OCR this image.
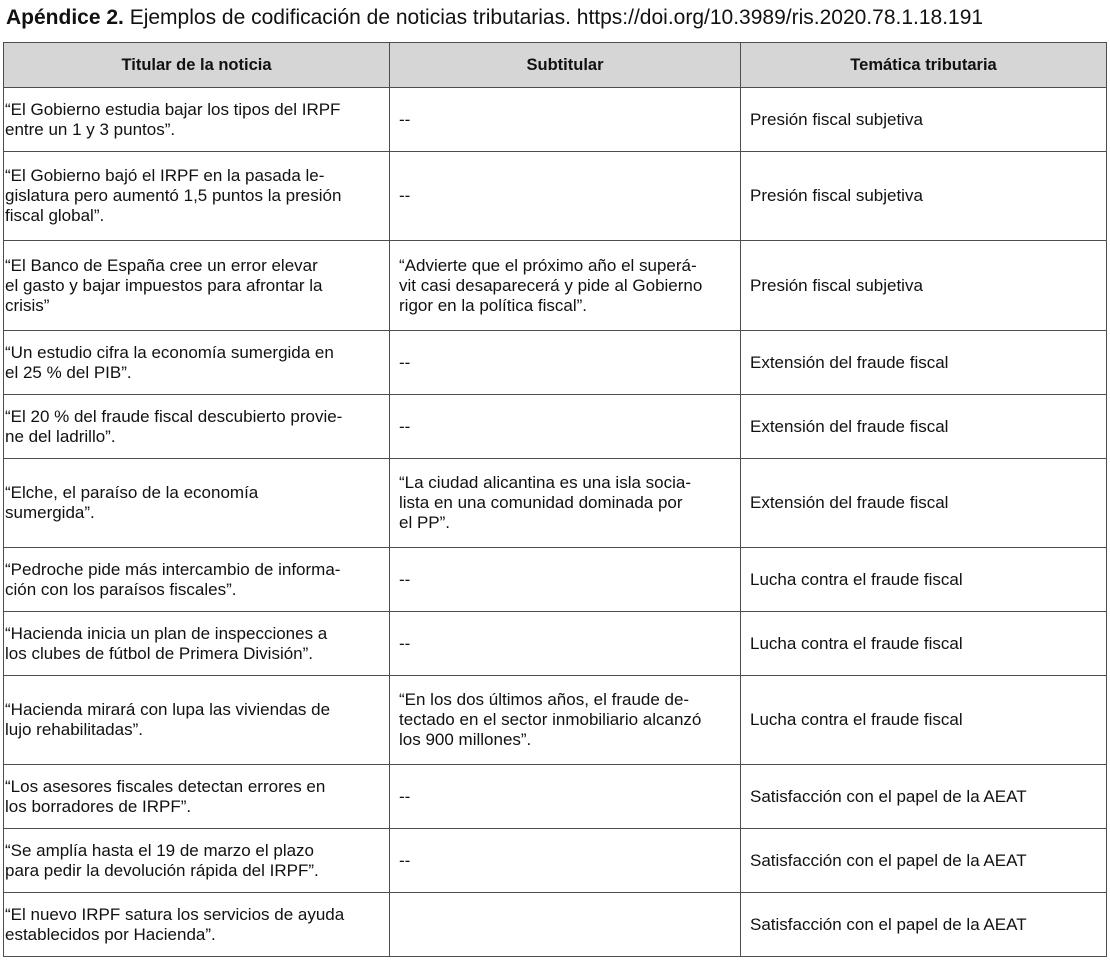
Apéndice 2. Ejemplos de codificación de noticias tributarias. https://doi.org/10.3989/ris.2020.78.1.18.191
Titular de la noticia	Subtitular	Temática tributaria
“El Gobierno estudia bajar los tipos del IRPF
entre un 1 y 3 puntos”.	--	Presión fiscal subjetiva
“El Gobierno bajó el IRPF en la pasada le-
gislatura pero aumentó 1,5 puntos la presión
fiscal global”.	--	Presión fiscal subjetiva
“El Banco de España cree un error elevar
el gasto y bajar impuestos para afrontar la
crisis”	“Advierte que el próximo año el superá-
vit casi desaparecerá y pide al Gobierno
rigor en la política fiscal”.	Presión fiscal subjetiva
“Un estudio cifra la economía sumergida en
el 25 % del PIB”.	--	Extensión del fraude fiscal
“El 20 % del fraude fiscal descubierto provie-
ne del ladrillo”.	--	Extensión del fraude fiscal
“Elche, el paraíso de la economía
sumergida”.	“La ciudad alicantina es una isla socia-
lista en una comunidad dominada por
el PP”.	Extensión del fraude fiscal
“Pedroche pide más intercambio de informa-
ción con los paraísos fiscales”.	--	Lucha contra el fraude fiscal
“Hacienda inicia un plan de inspecciones a
los clubes de fútbol de Primera División”.	--	Lucha contra el fraude fiscal
“Hacienda mirará con lupa las viviendas de
lujo rehabilitadas”.	“En los dos últimos años, el fraude de-
tectado en el sector inmobiliario alcanzó
los 900 millones”.	Lucha contra el fraude fiscal
“Los asesores fiscales detectan errores en
los borradores de IRPF”.	--	Satisfacción con el papel de la AEAT
“Se amplía hasta el 19 de marzo el plazo
para pedir la devolución rápida del IRPF”.	--	Satisfacción con el papel de la AEAT
“El nuevo IRPF satura los servicios de ayuda
establecidos por Hacienda”.		Satisfacción con el papel de la AEAT
